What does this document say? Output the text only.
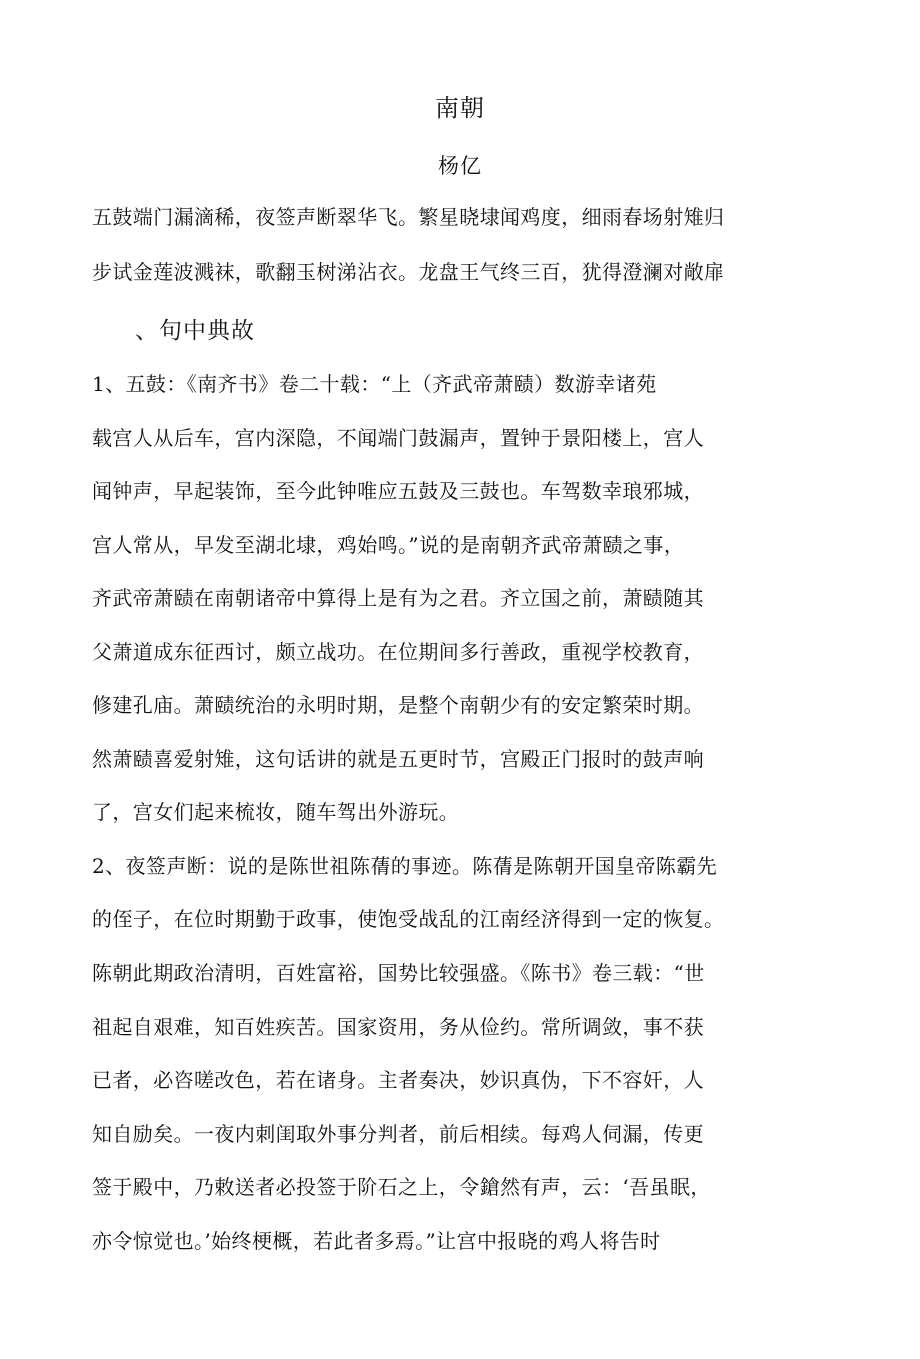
南朝
杨亿
五鼓端门漏滴稀，夜签声断翠华飞。繁星晓埭闻鸡度，细雨春场射雉归
步试金莲波溅袜，歌翻玉树涕沾衣。龙盘王气终三百，犹得澄澜对敞扉
、句中典故
1、五鼓：《南齐书》卷二十载：“上（齐武帝萧赜）数游幸诸苑
载宫人从后车，宫内深隐，不闻端门鼓漏声，置钟于景阳楼上，宫人
闻钟声，早起装饰，至今此钟唯应五鼓及三鼓也。车驾数幸琅邪城，
宫人常从，早发至湖北埭，鸡始鸣。”说的是南朝齐武帝萧赜之事，
齐武帝萧赜在南朝诸帝中算得上是有为之君。齐立国之前，萧赜随其
父萧道成东征西讨，颇立战功。在位期间多行善政，重视学校教育，
修建孔庙。萧赜统治的永明时期，是整个南朝少有的安定繁荣时期。
然萧赜喜爱射雉，这句话讲的就是五更时节，宫殿正门报时的鼓声响
了，宫女们起来梳妆，随车驾出外游玩。
2、夜签声断：说的是陈世祖陈蒨的事迹。陈蒨是陈朝开国皇帝陈霸先
的侄子，在位时期勤于政事，使饱受战乱的江南经济得到一定的恢复。
陈朝此期政治清明，百姓富裕，国势比较强盛。《陈书》卷三载：“世
祖起自艰难，知百姓疾苦。国家资用，务从俭约。常所调敛，事不获
已者，必咨嗟改色，若在诸身。主者奏决，妙识真伪，下不容奸，人
知自励矣。一夜内刺闺取外事分判者，前后相续。每鸡人伺漏，传更
签于殿中，乃敕送者必投签于阶石之上，令鎗然有声，云：‘吾虽眠，
亦令惊觉也。’始终梗概，若此者多焉。”让宫中报晓的鸡人将告时
